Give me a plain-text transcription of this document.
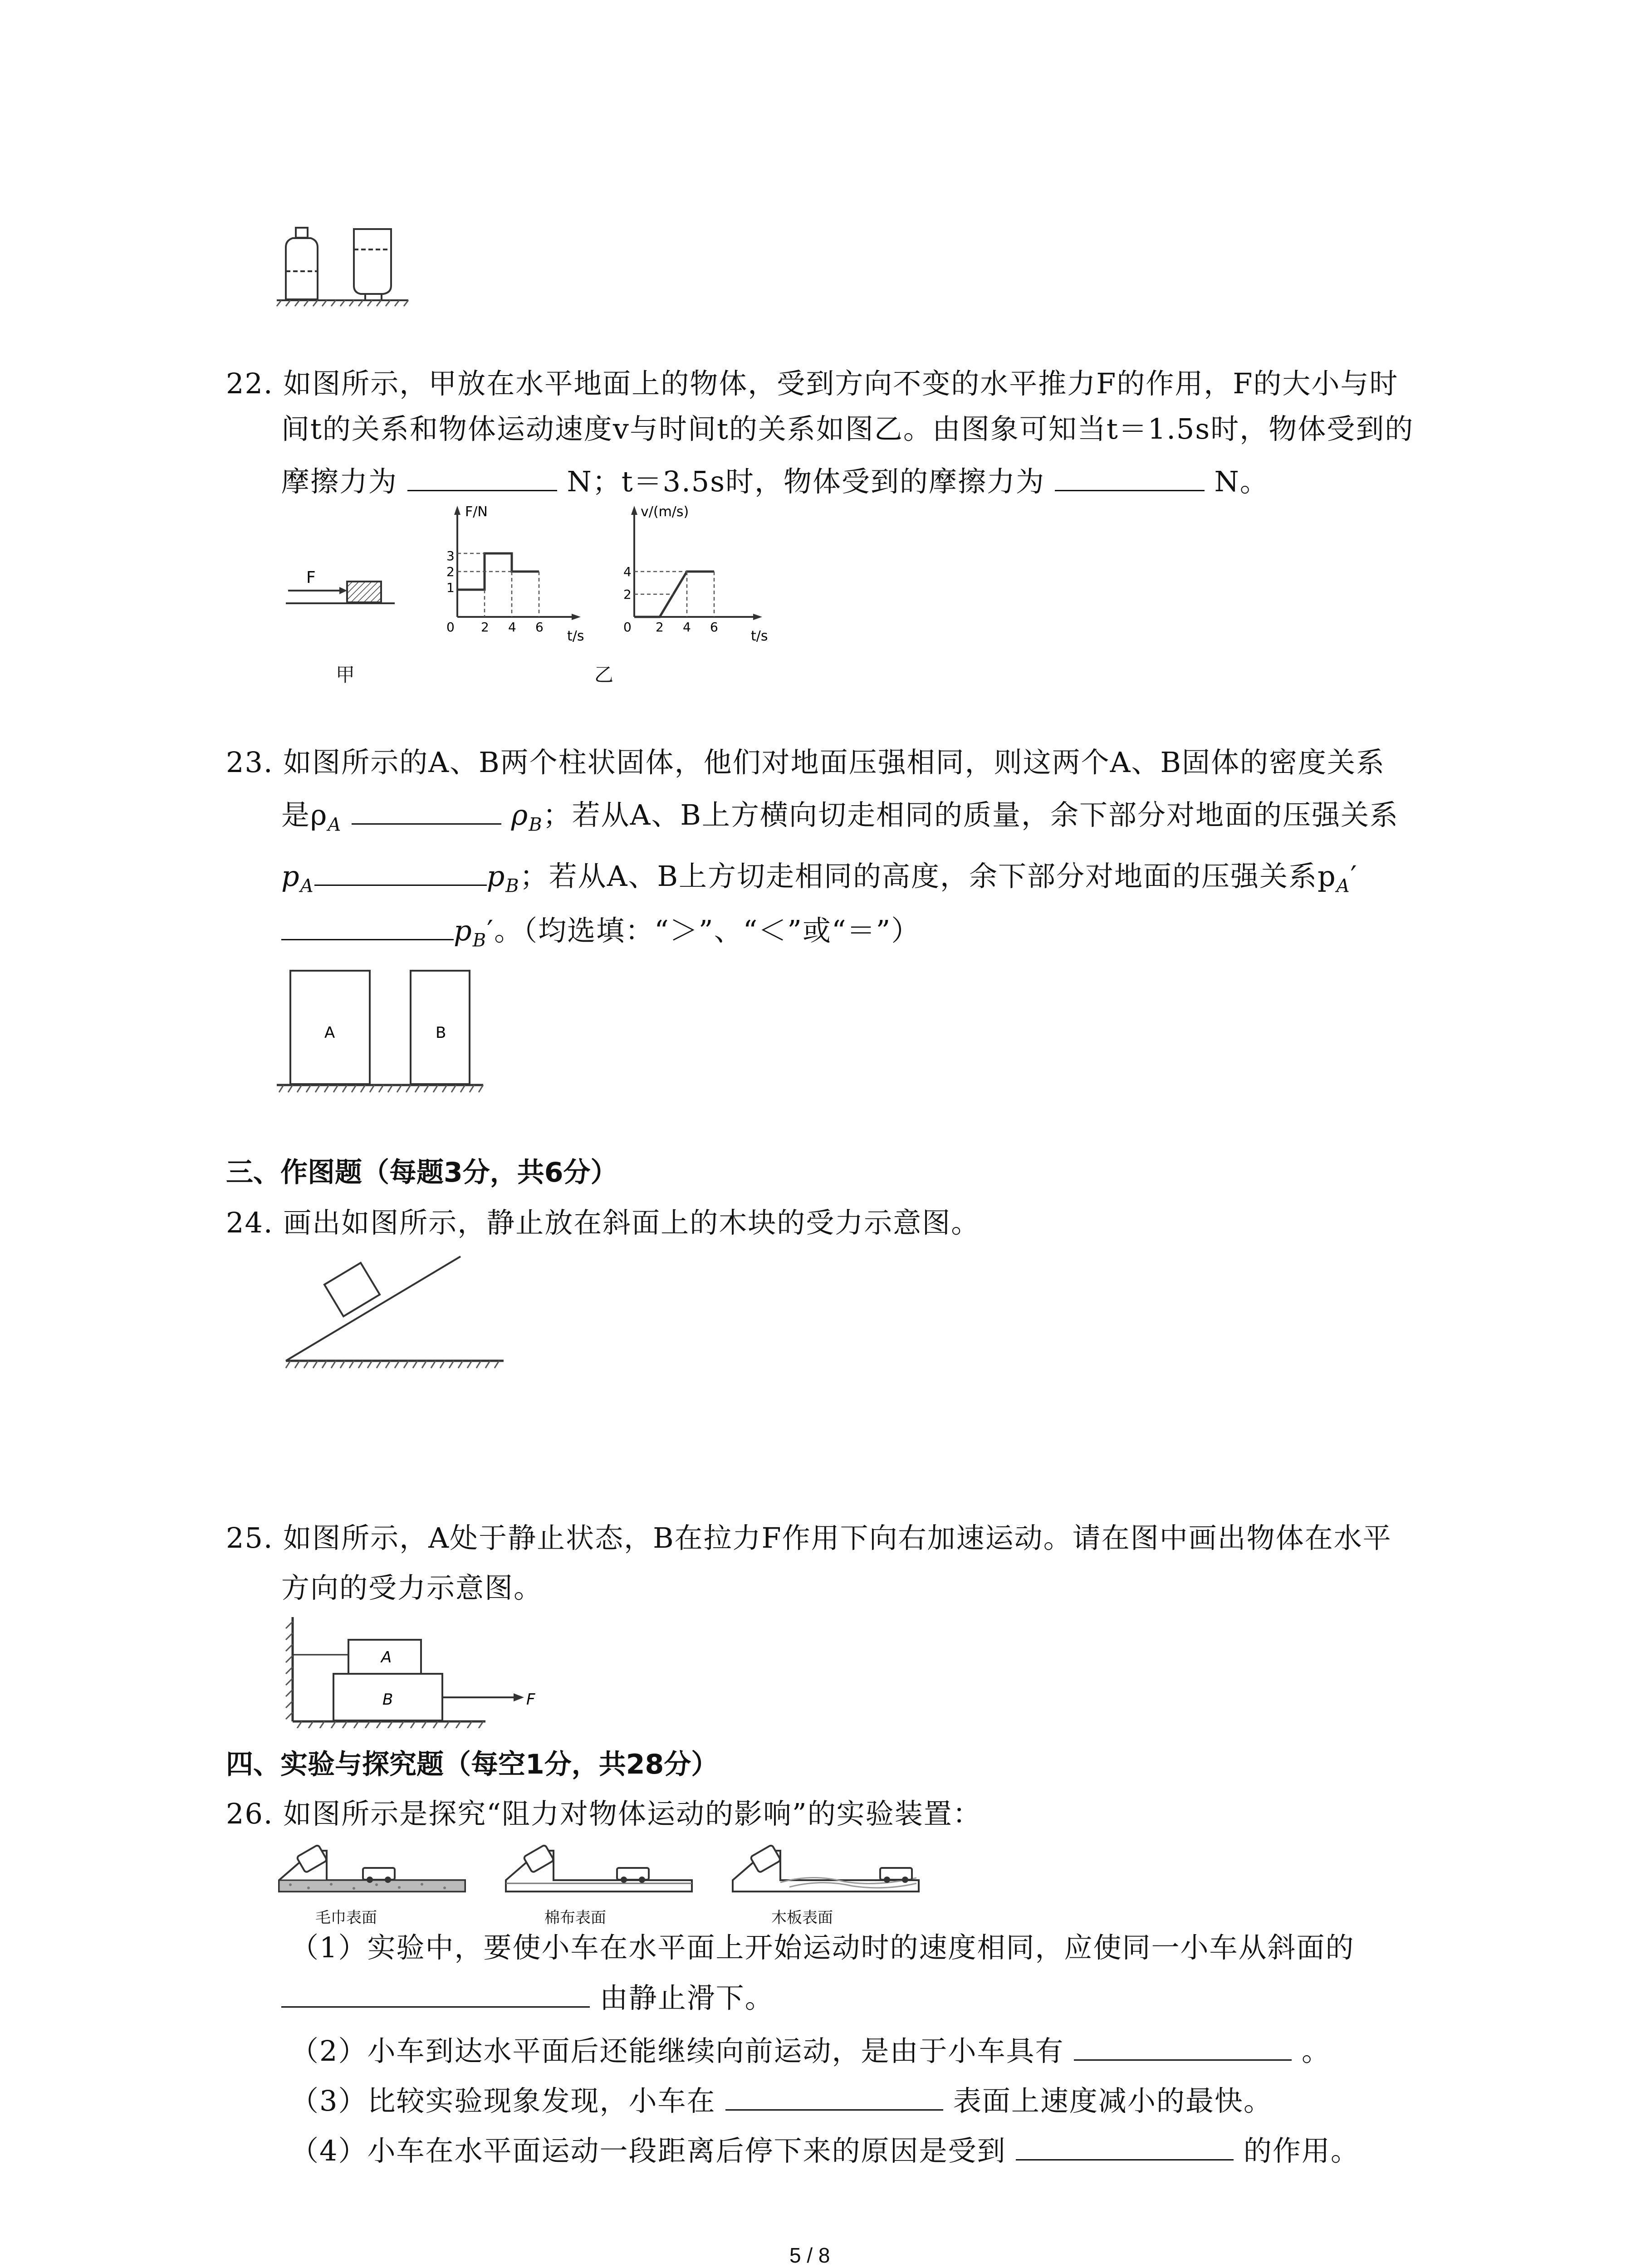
22. 如图所示，甲放在水平地面上的物体，受到方向不变的水平推力F的作用，F的大小与时
间t的关系和物体运动速度v与时间t的关系如图乙。由图象可知当t＝1.5s时，物体受到的
摩擦力为	N；t＝3.5s时，物体受到的摩擦力为	N。
F
甲
F/N
t/s
3
2
1
0 2 4 6
v/(m/s)
t/s
4
2
0 2 4 6
乙
23. 如图所示的A、B两个柱状固体，他们对地面压强相同，则这两个A、B固体的密度关系
是$\rho_A$	$\rho_B$；若从A、B上方横向切走相同的质量，余下部分对地面的压强关系
$p_A$	$p_B$；若从A、B上方切走相同的高度，余下部分对地面的压强关系$p_A'$
$p_B'$。（均选填：“＞”、“＜”或“＝”）
A	B
三、作图题（每题3分，共6分）
24. 画出如图所示，静止放在斜面上的木块的受力示意图。
25. 如图所示，A处于静止状态，B在拉力F作用下向右加速运动。请在图中画出物体在水平
方向的受力示意图。
A
B	F
四、实验与探究题（每空1分，共28分）
26. 如图所示是探究“阻力对物体运动的影响”的实验装置：
毛巾表面	棉布表面	木板表面
（1）实验中，要使小车在水平面上开始运动时的速度相同，应使同一小车从斜面的
由静止滑下。
（2）小车到达水平面后还能继续向前运动，是由于小车具有	。
（3）比较实验现象发现，小车在	表面上速度减小的最快。
（4）小车在水平面运动一段距离后停下来的原因是受到	的作用。
5 / 8
